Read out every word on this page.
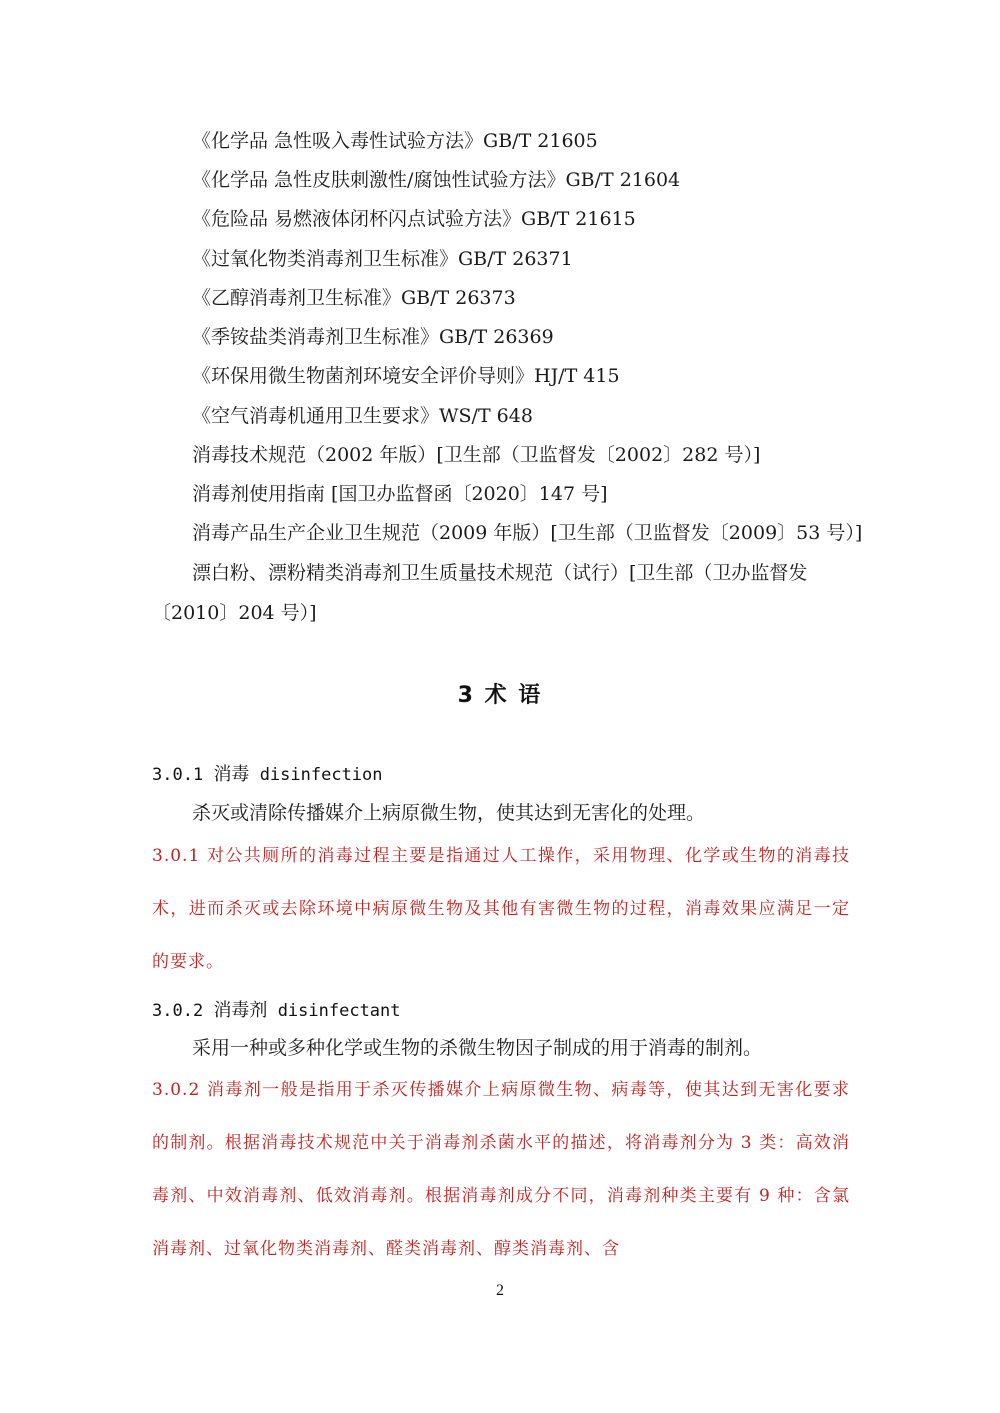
《化学品 急性吸入毒性试验方法》GB/T 21605
《化学品 急性皮肤刺激性/腐蚀性试验方法》GB/T 21604
《危险品 易燃液体闭杯闪点试验方法》GB/T 21615
《过氧化物类消毒剂卫生标准》GB/T 26371
《乙醇消毒剂卫生标准》GB/T 26373
《季铵盐类消毒剂卫生标准》GB/T 26369
《环保用微生物菌剂环境安全评价导则》HJ/T 415
《空气消毒机通用卫生要求》WS/T 648
消毒技术规范（2002 年版）[卫生部（卫监督发〔2002〕282 号）]
消毒剂使用指南 [国卫办监督函〔2020〕147 号]
消毒产品生产企业卫生规范（2009 年版）[卫生部（卫监督发〔2009〕53 号）]
漂白粉、漂粉精类消毒剂卫生质量技术规范（试行）[卫生部（卫办监督发〔2010〕204 号）]
3 术 语
3.0.1 消毒 disinfection
杀灭或清除传播媒介上病原微生物，使其达到无害化的处理。
3.0.1 对公共厕所的消毒过程主要是指通过人工操作，采用物理、化学或生物的消毒技术，进而杀灭或去除环境中病原微生物及其他有害微生物的过程，消毒效果应满足一定的要求。
3.0.2 消毒剂 disinfectant
采用一种或多种化学或生物的杀微生物因子制成的用于消毒的制剂。
3.0.2 消毒剂一般是指用于杀灭传播媒介上病原微生物、病毒等，使其达到无害化要求的制剂。根据消毒技术规范中关于消毒剂杀菌水平的描述，将消毒剂分为 3 类：高效消毒剂、中效消毒剂、低效消毒剂。根据消毒剂成分不同，消毒剂种类主要有 9 种：含氯消毒剂、过氧化物类消毒剂、醛类消毒剂、醇类消毒剂、含
2
